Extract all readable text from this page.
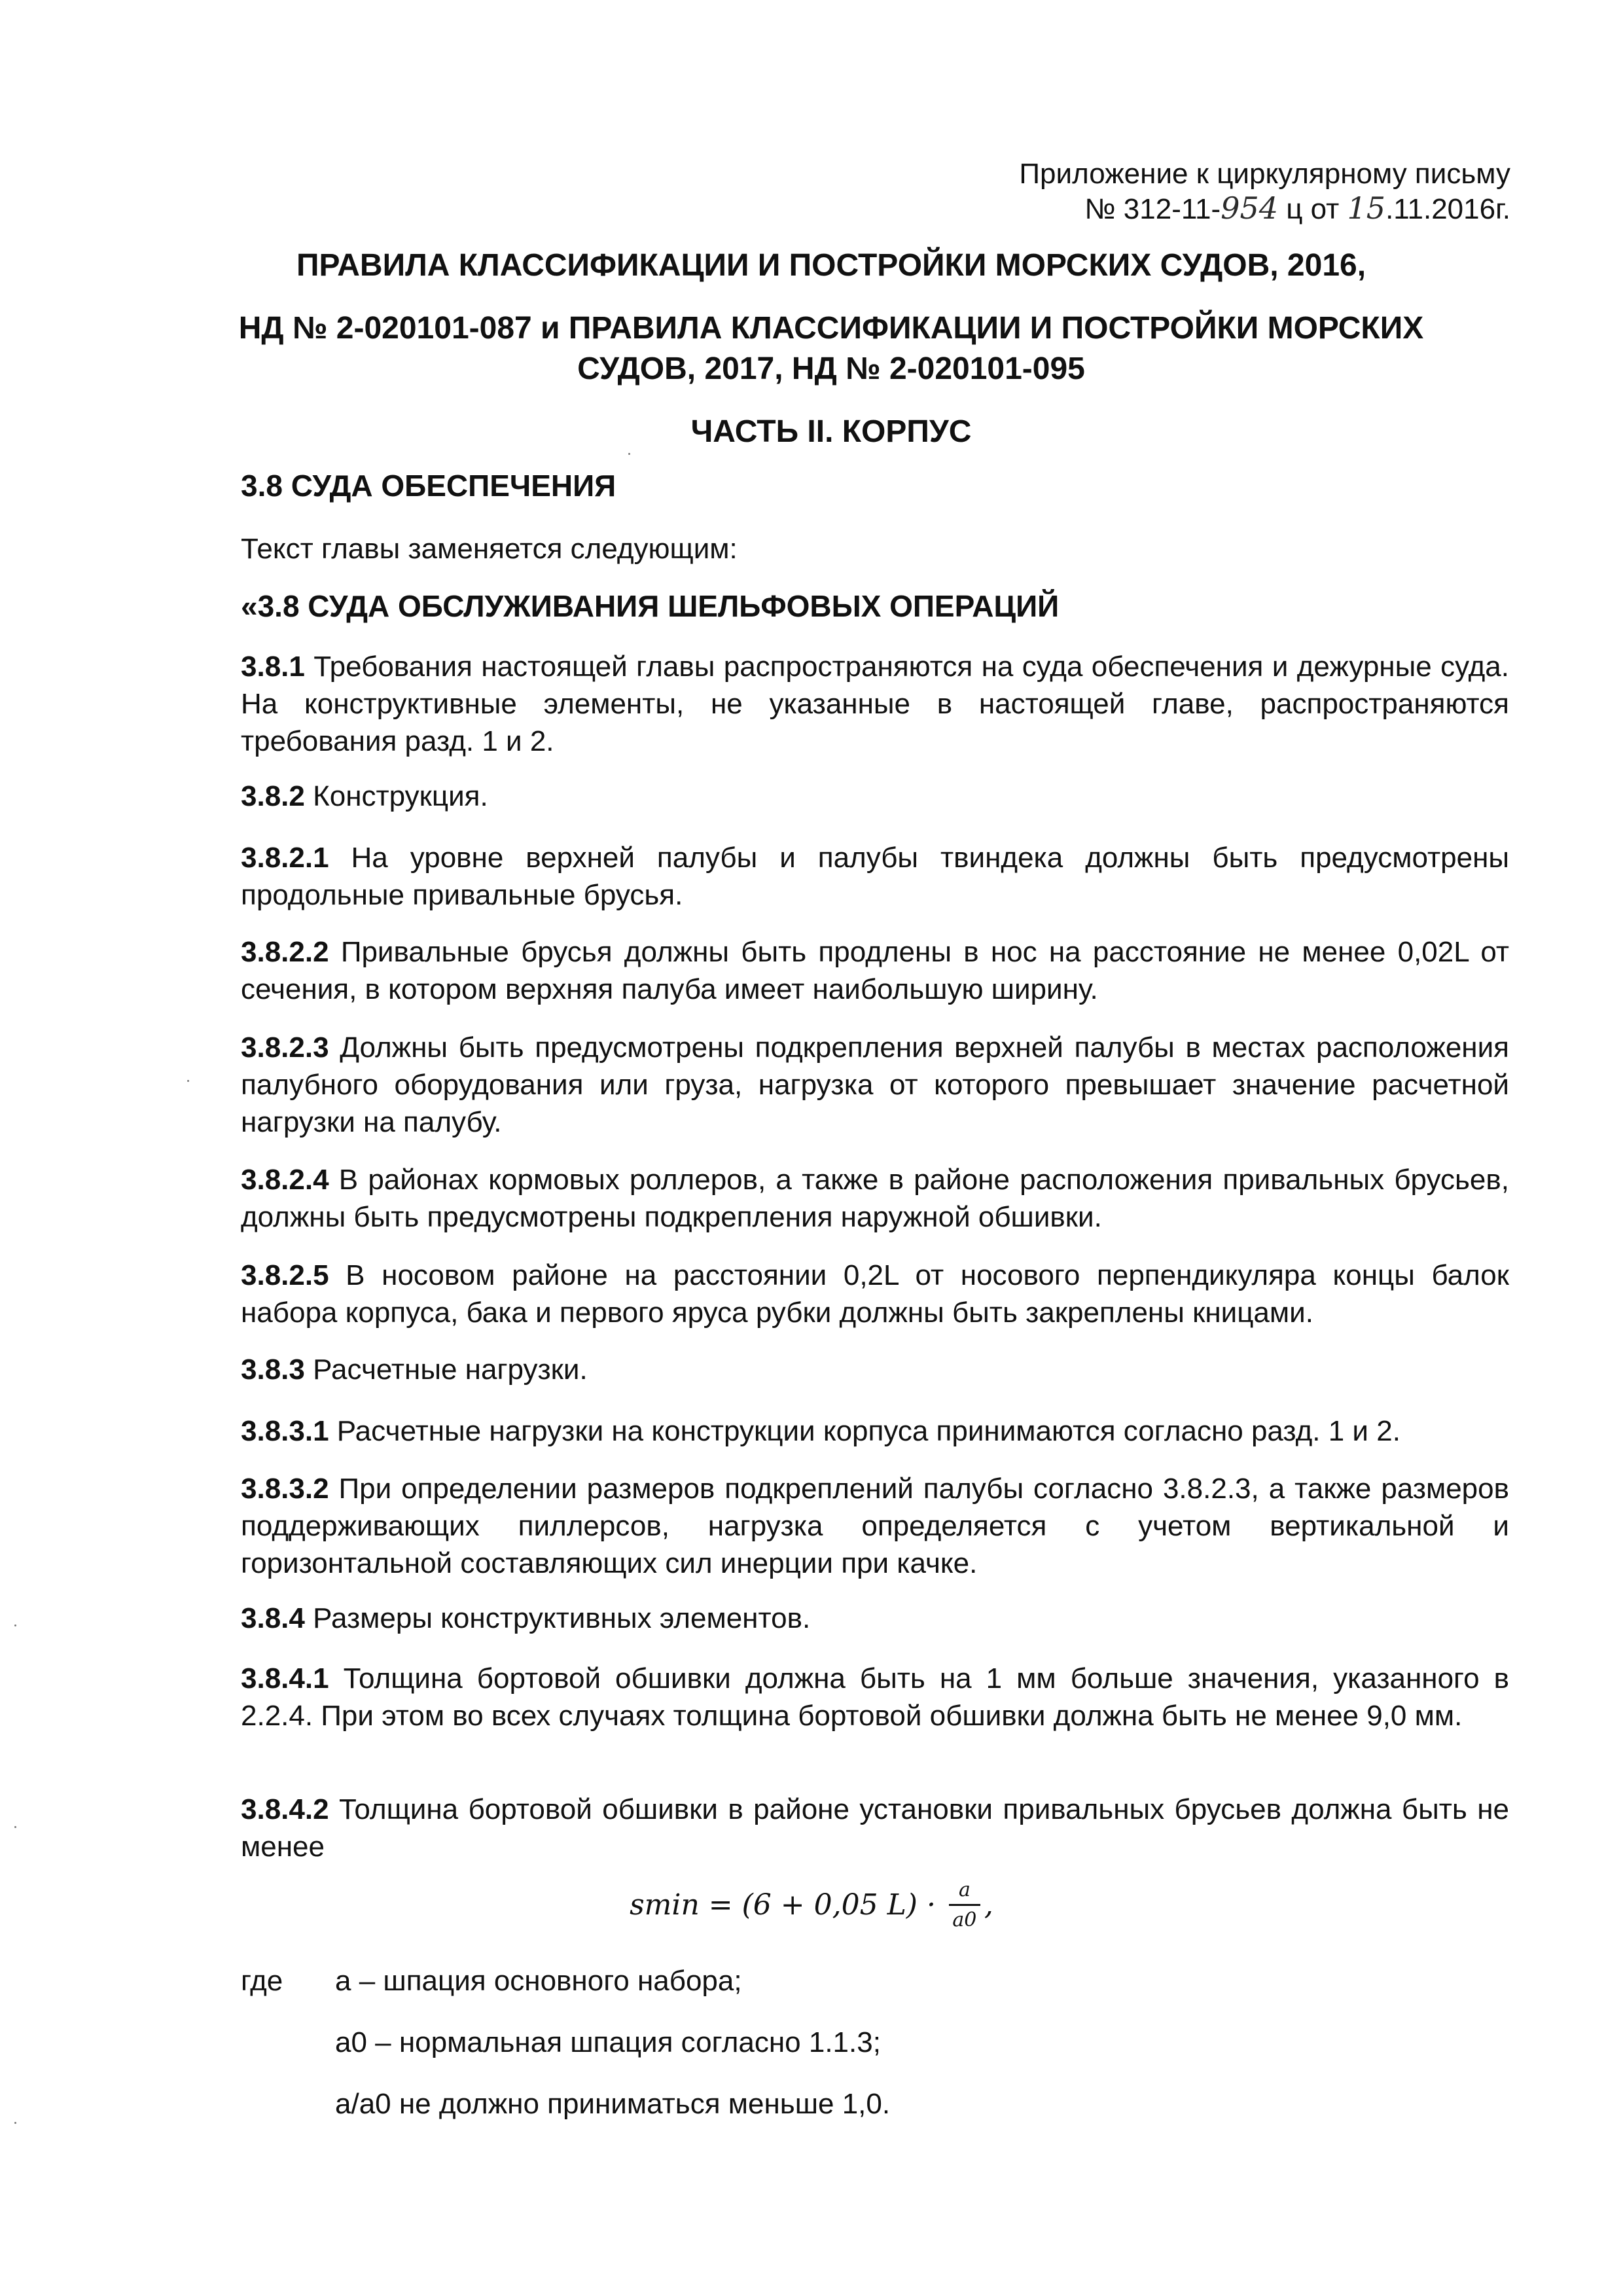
Приложение к циркулярному письму
№ 312-11-954 ц от 15.11.2016г.
ПРАВИЛА КЛАССИФИКАЦИИ И ПОСТРОЙКИ МОРСКИХ СУДОВ, 2016,
НД № 2-020101-087 и ПРАВИЛА КЛАССИФИКАЦИИ И ПОСТРОЙКИ МОРСКИХ
СУДОВ, 2017, НД № 2-020101-095
ЧАСТЬ II. КОРПУС
3.8 СУДА ОБЕСПЕЧЕНИЯ
Текст главы заменяется следующим:
«3.8 СУДА ОБСЛУЖИВАНИЯ ШЕЛЬФОВЫХ ОПЕРАЦИЙ
3.8.1 Требования настоящей главы распространяются на суда обеспечения и дежурные суда. На конструктивные элементы, не указанные в настоящей главе, распространяются требования разд. 1 и 2.
3.8.2 Конструкция.
3.8.2.1 На уровне верхней палубы и палубы твиндека должны быть предусмотрены продольные привальные брусья.
3.8.2.2 Привальные брусья должны быть продлены в нос на расстояние не менее 0,02L от сечения, в котором верхняя палуба имеет наибольшую ширину.
3.8.2.3 Должны быть предусмотрены подкрепления верхней палубы в местах расположения палубного оборудования или груза, нагрузка от которого превышает значение расчетной нагрузки на палубу.
3.8.2.4 В районах кормовых роллеров, а также в районе расположения привальных брусьев, должны быть предусмотрены подкрепления наружной обшивки.
3.8.2.5 В носовом районе на расстоянии 0,2L от носового перпендикуляра концы балок набора корпуса, бака и первого яруса рубки должны быть закреплены кницами.
3.8.3 Расчетные нагрузки.
3.8.3.1 Расчетные нагрузки на конструкции корпуса принимаются согласно разд. 1 и 2.
3.8.3.2 При определении размеров подкреплений палубы согласно 3.8.2.3, а также размеров поддерживающих пиллерсов, нагрузка определяется с учетом вертикальной и горизонтальной составляющих сил инерции при качке.
3.8.4 Размеры конструктивных элементов.
3.8.4.1 Толщина бортовой обшивки должна быть на 1 мм больше значения, указанного в 2.2.4. При этом во всех случаях толщина бортовой обшивки должна быть не менее 9,0 мм.
3.8.4.2 Толщина бортовой обшивки в районе установки привальных брусьев должна быть не менее
smin = (6 + 0,05 $L) \cdot \frac{a}{a0}$ ,
где a – шпация основного набора;
a0 – нормальная шпация согласно 1.1.3;
a/a0 не должно приниматься меньше 1,0.
